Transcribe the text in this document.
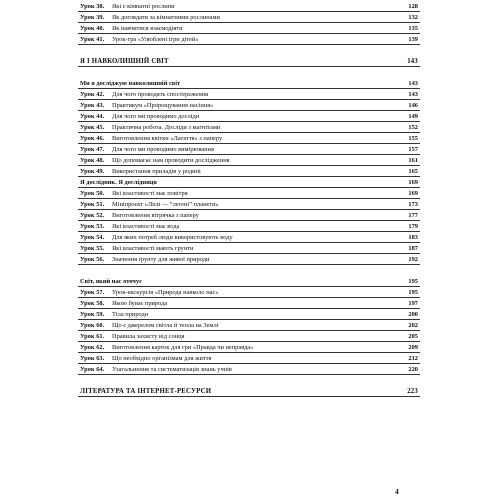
Урок 38. Які є кімнатні рослини	128
Урок 39. Як доглядати за кімнатними рослинами	132
Урок 40. Як навчитися взаємодіяти	135
Урок 41. Урок-гра «Улюблені ігри дітей»	139
Я І НАВКОЛИШНІЙ СВІТ	143
Ми я досліджую навколишній світ	143
Урок 42. Для чого проводять спостереження	143
Урок 43. Практикум «Пророщування насіння»	146
Урок 44. Для чого ми проводимо досліди	149
Урок 45. Практична робота. Досліди з магнітами	152
Урок 46. Виготовлення квітки «Латаття» з паперу	155
Урок 47. Для чого ми проводимо вимірювання	157
Урок 48. Що допомагає нам проводити дослідження	161
Урок 49. Використання приладів у родині	165
Я дослідник. Я дослідниця	169
Урок 50. Які властивості має повітря	169
Урок 51. Мініпроєкт «Ліси — “легені” планети»	173
Урок 52. Виготовлення вітрячка з паперу	177
Урок 53. Які властивості має вода	179
Урок 54. Для яких потреб люди використовують воду	183
Урок 55. Які властивості мають грунти	187
Урок 56. Значення ґрунту для живої природи	192
Світ, який нас оточує	195
Урок 57. Урок-екскурсія «Природа навколо нас»	195
Урок 58. Якою буває природа	197
Урок 59. Тіла природи	200
Урок 60. Що є джерелом світла й тепла на Землі	202
Урок 61. Правила захисту від сонця	205
Урок 62. Виготовлення карток для гри «Правда чи неправда»	209
Урок 63. Що необхідно організмам для життя	212
Урок 64. Узагальнення та систематизація знань учнів	220
ЛІТЕРАТУРА ТА ІНТЕРНЕТ-РЕСУРСИ	223
4
